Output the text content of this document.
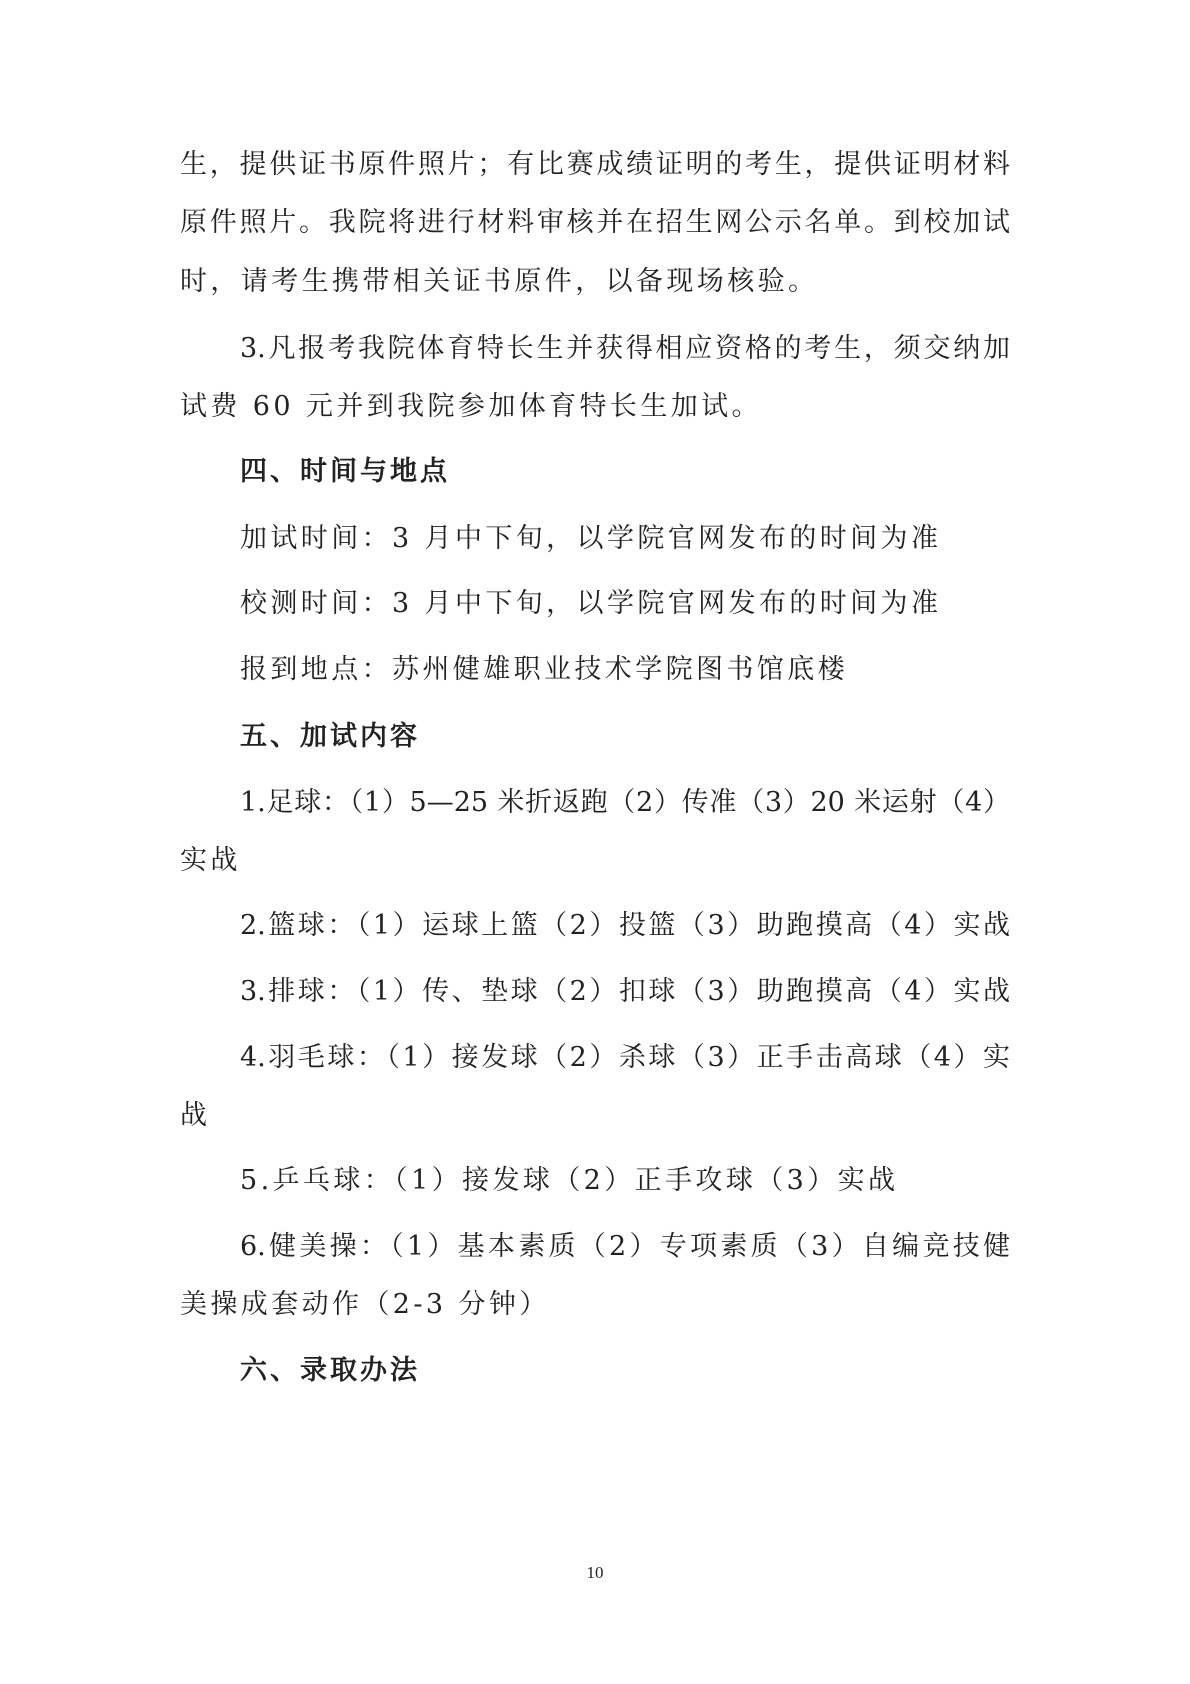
生，提供证书原件照片；有比赛成绩证明的考生，提供证明材料
原件照片。我院将进行材料审核并在招生网公示名单。到校加试
时，请考生携带相关证书原件，以备现场核验。
3.凡报考我院体育特长生并获得相应资格的考生，须交纳加
试费 60 元并到我院参加体育特长生加试。
四、时间与地点
加试时间：3 月中下旬，以学院官网发布的时间为准
校测时间：3 月中下旬，以学院官网发布的时间为准
报到地点：苏州健雄职业技术学院图书馆底楼
五、加试内容
1.足球：（1）5—25 米折返跑（2）传准（3）20 米运射（4）
实战
2.篮球：（1）运球上篮（2）投篮（3）助跑摸高（4）实战
3.排球：（1）传、垫球（2）扣球（3）助跑摸高（4）实战
4.羽毛球：（1）接发球（2）杀球（3）正手击高球（4）实
战
5.乒乓球：（1）接发球（2）正手攻球（3）实战
6.健美操：（1）基本素质（2）专项素质（3）自编竞技健
美操成套动作（2-3 分钟）
六、录取办法
10
